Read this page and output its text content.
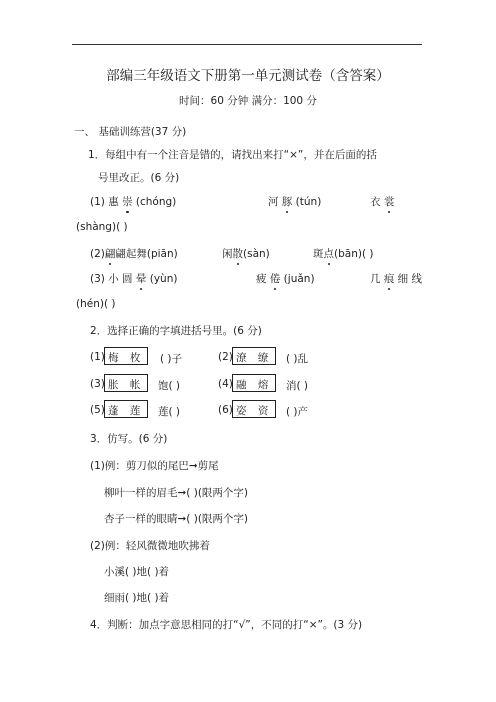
部编三年级语文下册第一单元测试卷（含答案）
时间：60 分钟 满分：100 分
一、 基础训练营(37 分)
1．每组中有一个注音是错的，请找出来打“×”，并在后面的括
号里改正。(6 分)
(1) 惠 崇 (chóng)	河 豚 (tún)	衣 裳
(shàng)( )
(2)翩翩起舞(piān)	闲散(sàn)	斑点(bān)( )
(3) 小 圆 晕 (yùn)	疲 倦 (juǎn)	几 痕 细 线
(hén)( )
2．选择正确的字填进括号里。(6 分)
(1) 梅 枚 ( )子	(2) 潦 缭 ( )乱
(3) 胀 帐 饱( )	(4) 融 熔 消( )
(5) 蓬 莲 莲( )	(6) 姿 资 ( )产
3．仿写。(6 分)
(1)例：剪刀似的尾巴➞剪尾
柳叶一样的眉毛➞( )(限两个字)
杏子一样的眼睛➞( )(限两个字)
(2)例：轻风微微地吹拂着
小溪( )地( )着
细雨( )地( )着
4．判断：加点字意思相同的打“√”，不同的打“×”。(3 分)
